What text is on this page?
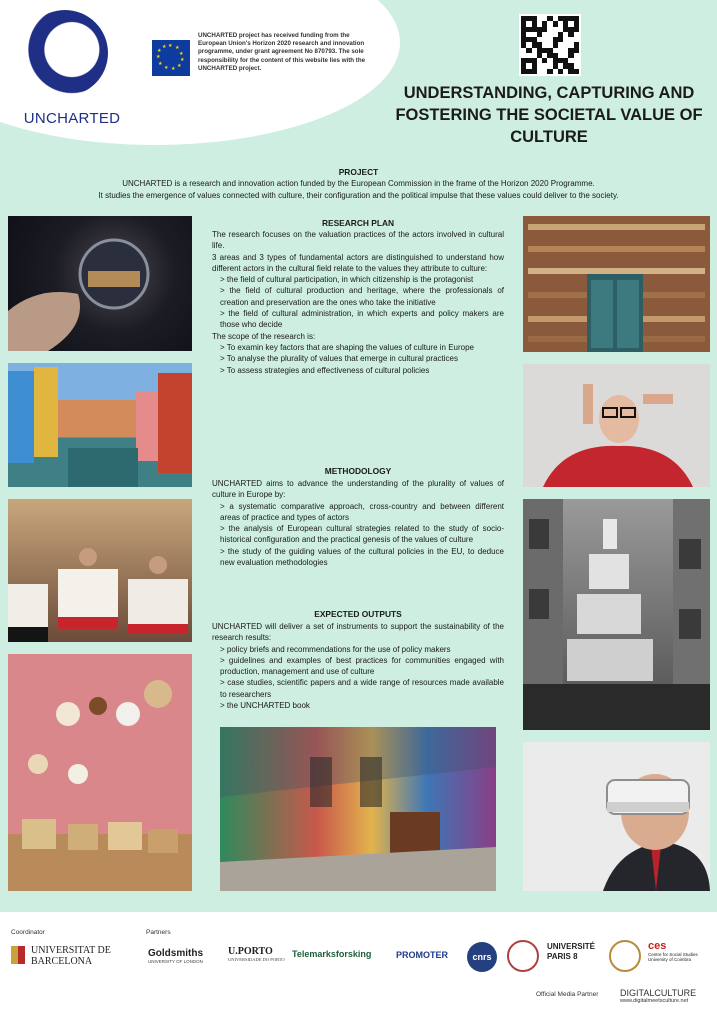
UNCHARTED
★ ★
★
★
★
★
★
★
★
★
★
UNCHARTED project has received funding from the European Union's Horizon 2020 research and innovation programme, under grant agreement No 870793. The sole responsibility for the content of this website lies with the UNCHARTED project.
UNDERSTANDING, CAPTURING AND FOSTERING THE SOCIETAL VALUE OF CULTURE
PROJECT
UNCHARTED is a research and innovation action funded by the European Commission in the frame of the Horizon 2020 Programme.
It studies the emergence of values connected with culture, their configuration and the political impulse that these values could deliver to the society.
RESEARCH PLAN

The research focuses on the valuation practices of the actors involved in cultural life.

3 areas and 3 types of fundamental actors are distinguished to understand how different actors in the cultural field relate to the values they attribute to culture:

> the field of cultural participation, in which citizenship is the protagonist

> the field of cultural production and heritage, where the professionals of creation and preservation are the ones who take the initiative

> the field of cultural administration, in which experts and policy makers are those who decide

The scope of the research is:

> To examin key factors that are shaping the values of culture in Europe

> To analyse the plurality of values that emerge in cultural practices

> To assess strategies and effectiveness of cultural policies

METHODOLOGY

UNCHARTED aims to advance the understanding of the plurality of values of culture in Europe by:

> a systematic comparative approach, cross-country and between different areas of practice and types of actors

> the analysis of European cultural strategies related to the study of socio-historical configuration and the practical genesis of the values of culture

> the study of the guiding values of the cultural policies in the EU, to deduce new evaluation methodologies

EXPECTED OUTPUTS

UNCHARTED will deliver a set of instruments to support the sustainability of the research results:

> policy briefs and recommendations for the use of policy makers

> guidelines and examples of best practices for communities engaged with production, management and use of culture

> case studies, scientific papers and a wide range of resources made available to researchers

> the UNCHARTED book

Coordinator	Partners
UNIVERSITAT DE BARCELONA
Goldsmiths
UNIVERSITY OF LONDON
U.PORTO
UNIVERSIDADE DO PORTO
Telemarksforsking	PROMOTER	cnrs
UNIVERSITÉ PARIS 8
ces
Centre for Social Studies University of Coimbra
Official Media Partner DIGITALCULTURE
www.digitalmeetsculture.net
